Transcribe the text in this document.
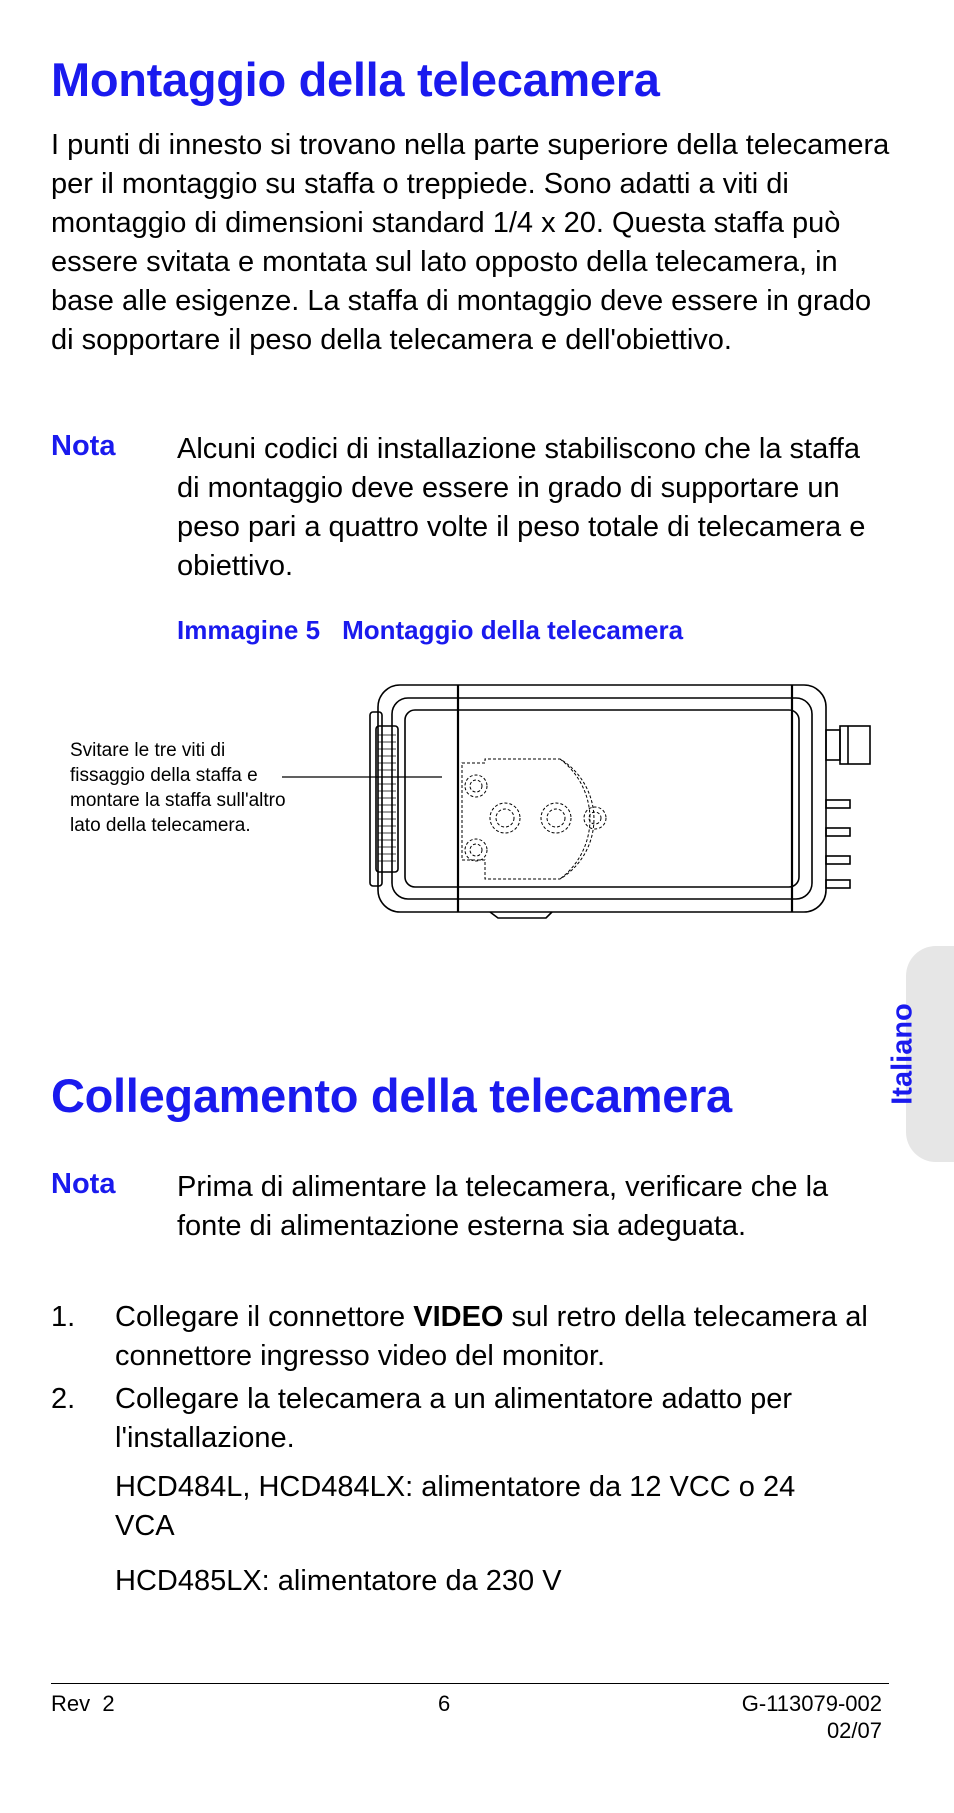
Montaggio della telecamera

I punti di innesto si trovano nella parte superiore della telecamera per il montaggio su staffa o treppiede. Sono adatti a viti di montaggio di dimensioni standard 1/4 x 20. Questa staffa può essere svitata e montata sul lato opposto della telecamera, in base alle esigenze. La staffa di montaggio deve essere in grado di sopportare il peso della telecamera e dell'obiettivo.

Nota Alcuni codici di installazione stabiliscono che la staffa di montaggio deve essere in grado di supportare un peso pari a quattro volte il peso totale di telecamera e obiettivo.

Immagine 5 Montaggio della telecamera

Svitare le tre viti di fissaggio della staffa e montare la staffa sull'altro lato della telecamera.

Collegamento della telecamera
Nota Prima di alimentare la telecamera, verificare che la fonte di alimentazione esterna sia adeguata.

1. Collegare il connettore VIDEO sul retro della telecamera al connettore ingresso video del monitor.

2. Collegare la telecamera a un alimentatore adatto per l'installazione.

HCD484L, HCD484LX: alimentatore da 12 VCC o 24 VCA

HCD485LX: alimentatore da 230 V

Italiano
Rev  2	6	G-113079-002
02/07
